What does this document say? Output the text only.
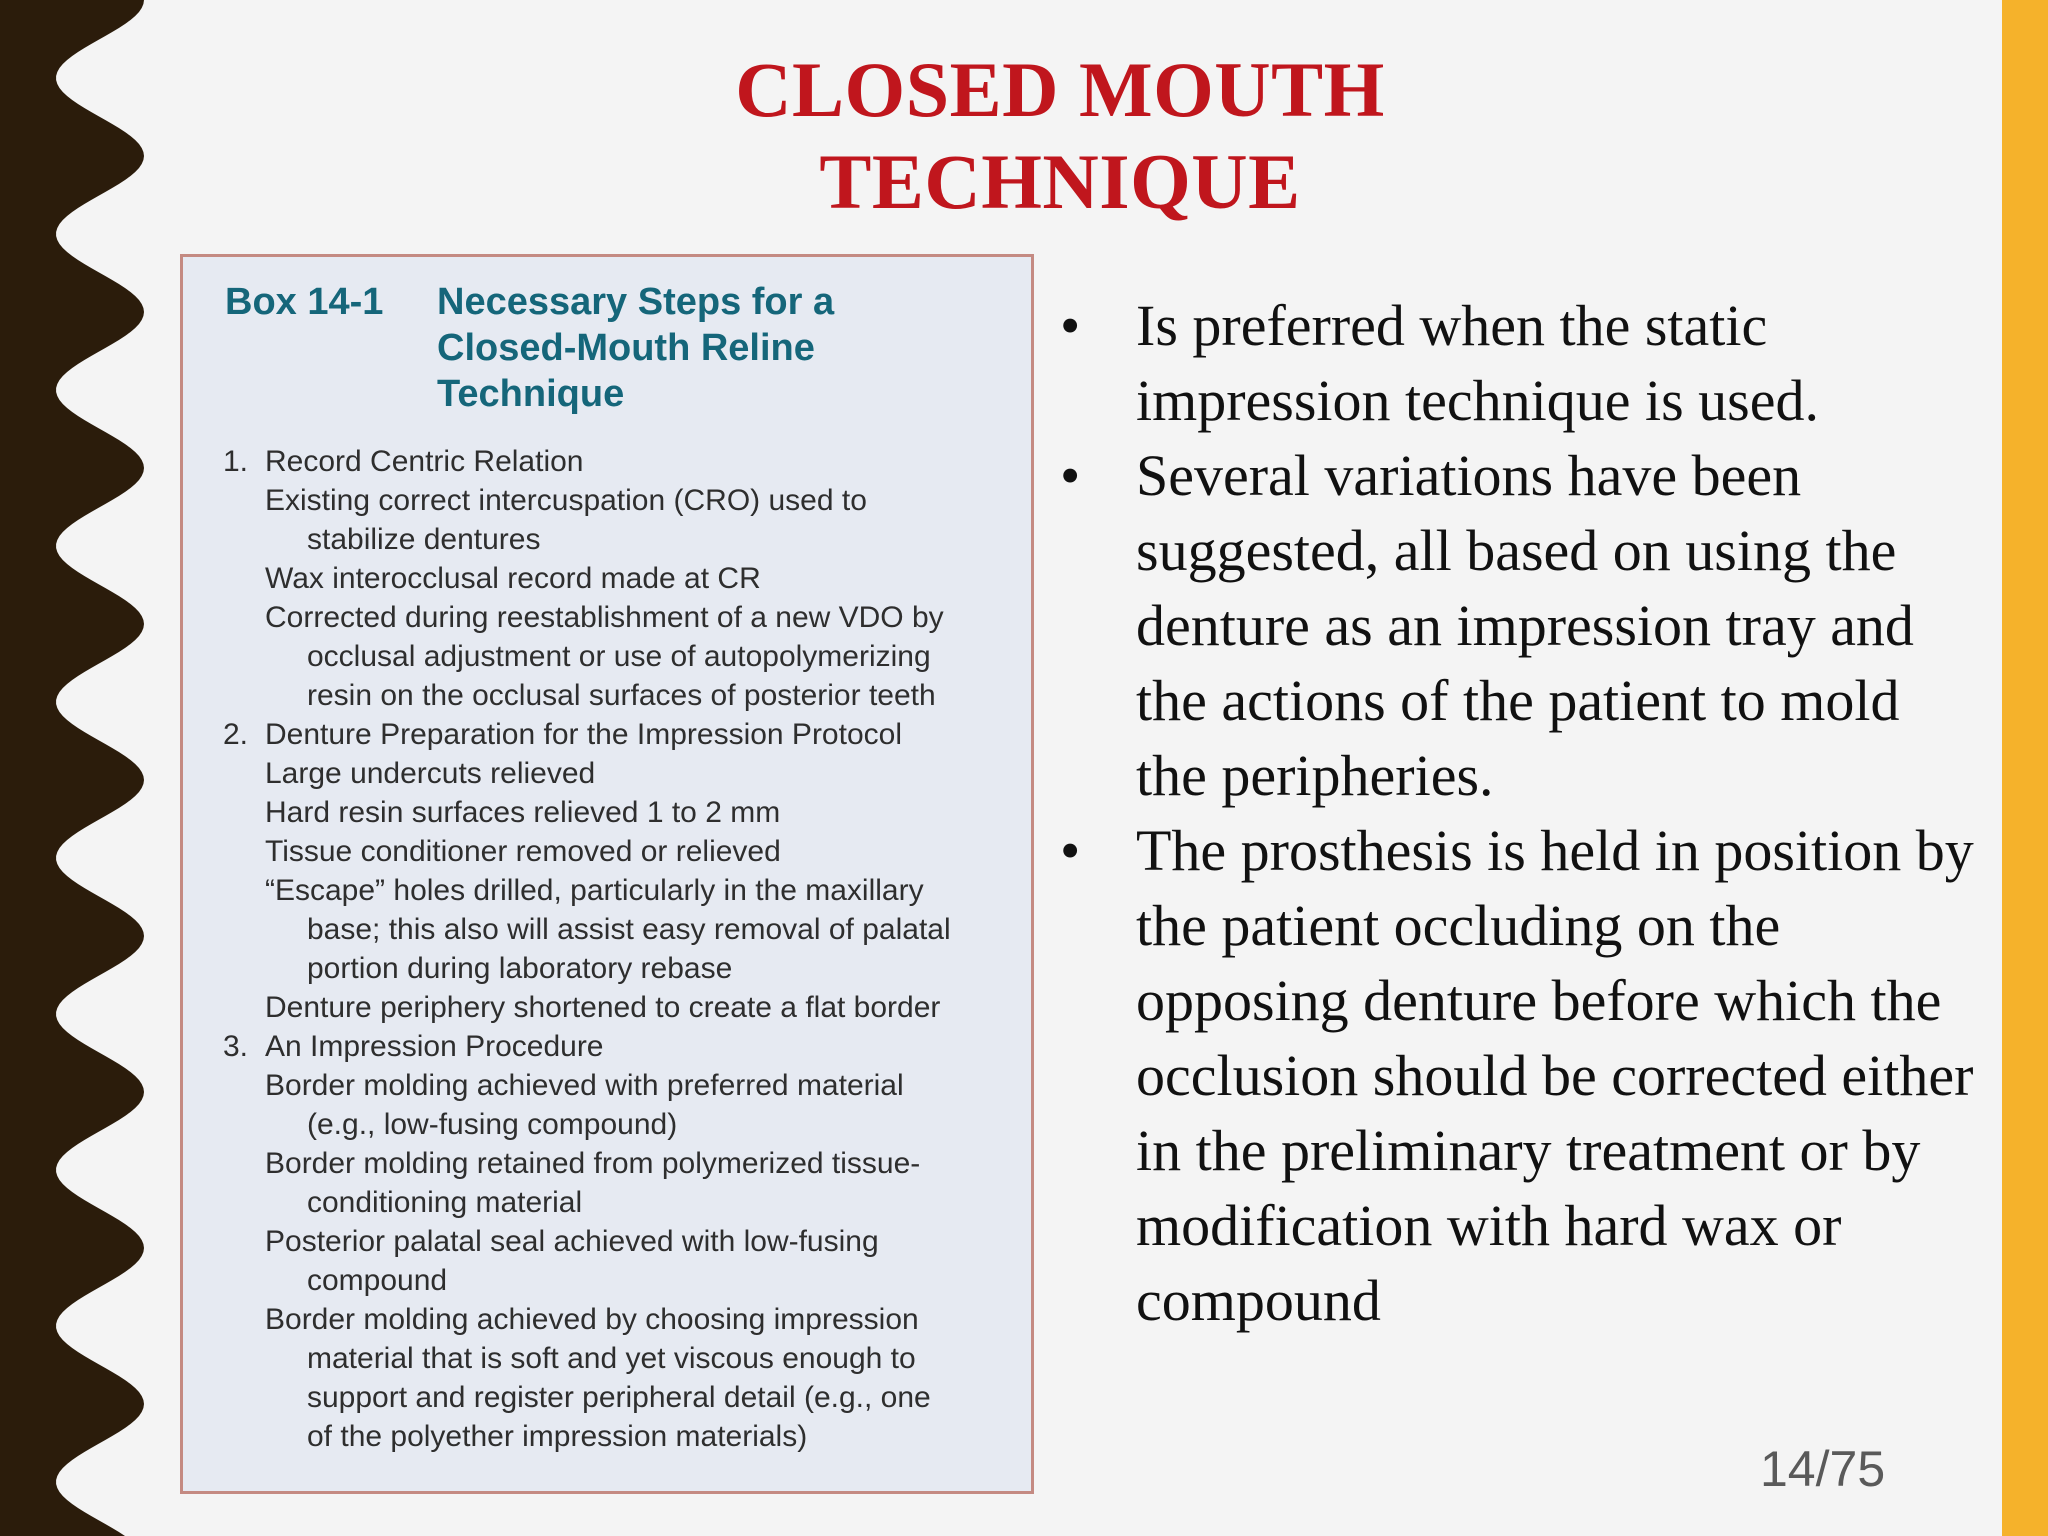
CLOSED MOUTH
TECHNIQUE
Box 14-1 Necessary Steps for a
Closed-Mouth Reline
Technique
1. Record Centric Relation
Existing correct intercuspation (CRO) used to
stabilize dentures
Wax interocclusal record made at CR
Corrected during reestablishment of a new VDO by
occlusal adjustment or use of autopolymerizing
resin on the occlusal surfaces of posterior teeth
2. Denture Preparation for the Impression Protocol
Large undercuts relieved
Hard resin surfaces relieved 1 to 2 mm
Tissue conditioner removed or relieved
“Escape” holes drilled, particularly in the maxillary
base; this also will assist easy removal of palatal
portion during laboratory rebase
Denture periphery shortened to create a flat border
3. An Impression Procedure
Border molding achieved with preferred material
(e.g., low-fusing compound)
Border molding retained from polymerized tissue-
conditioning material
Posterior palatal seal achieved with low-fusing
compound
Border molding achieved by choosing impression
material that is soft and yet viscous enough to
support and register peripheral detail (e.g., one
of the polyether impression materials)
• Is preferred when the static
impression technique is used.
• Several variations have been
suggested, all based on using the
denture as an impression tray and
the actions of the patient to mold
the peripheries.
• The prosthesis is held in position by
the patient occluding on the
opposing denture before which the
occlusion should be corrected either
in the preliminary treatment or by
modification with hard wax or
compound
14/75
